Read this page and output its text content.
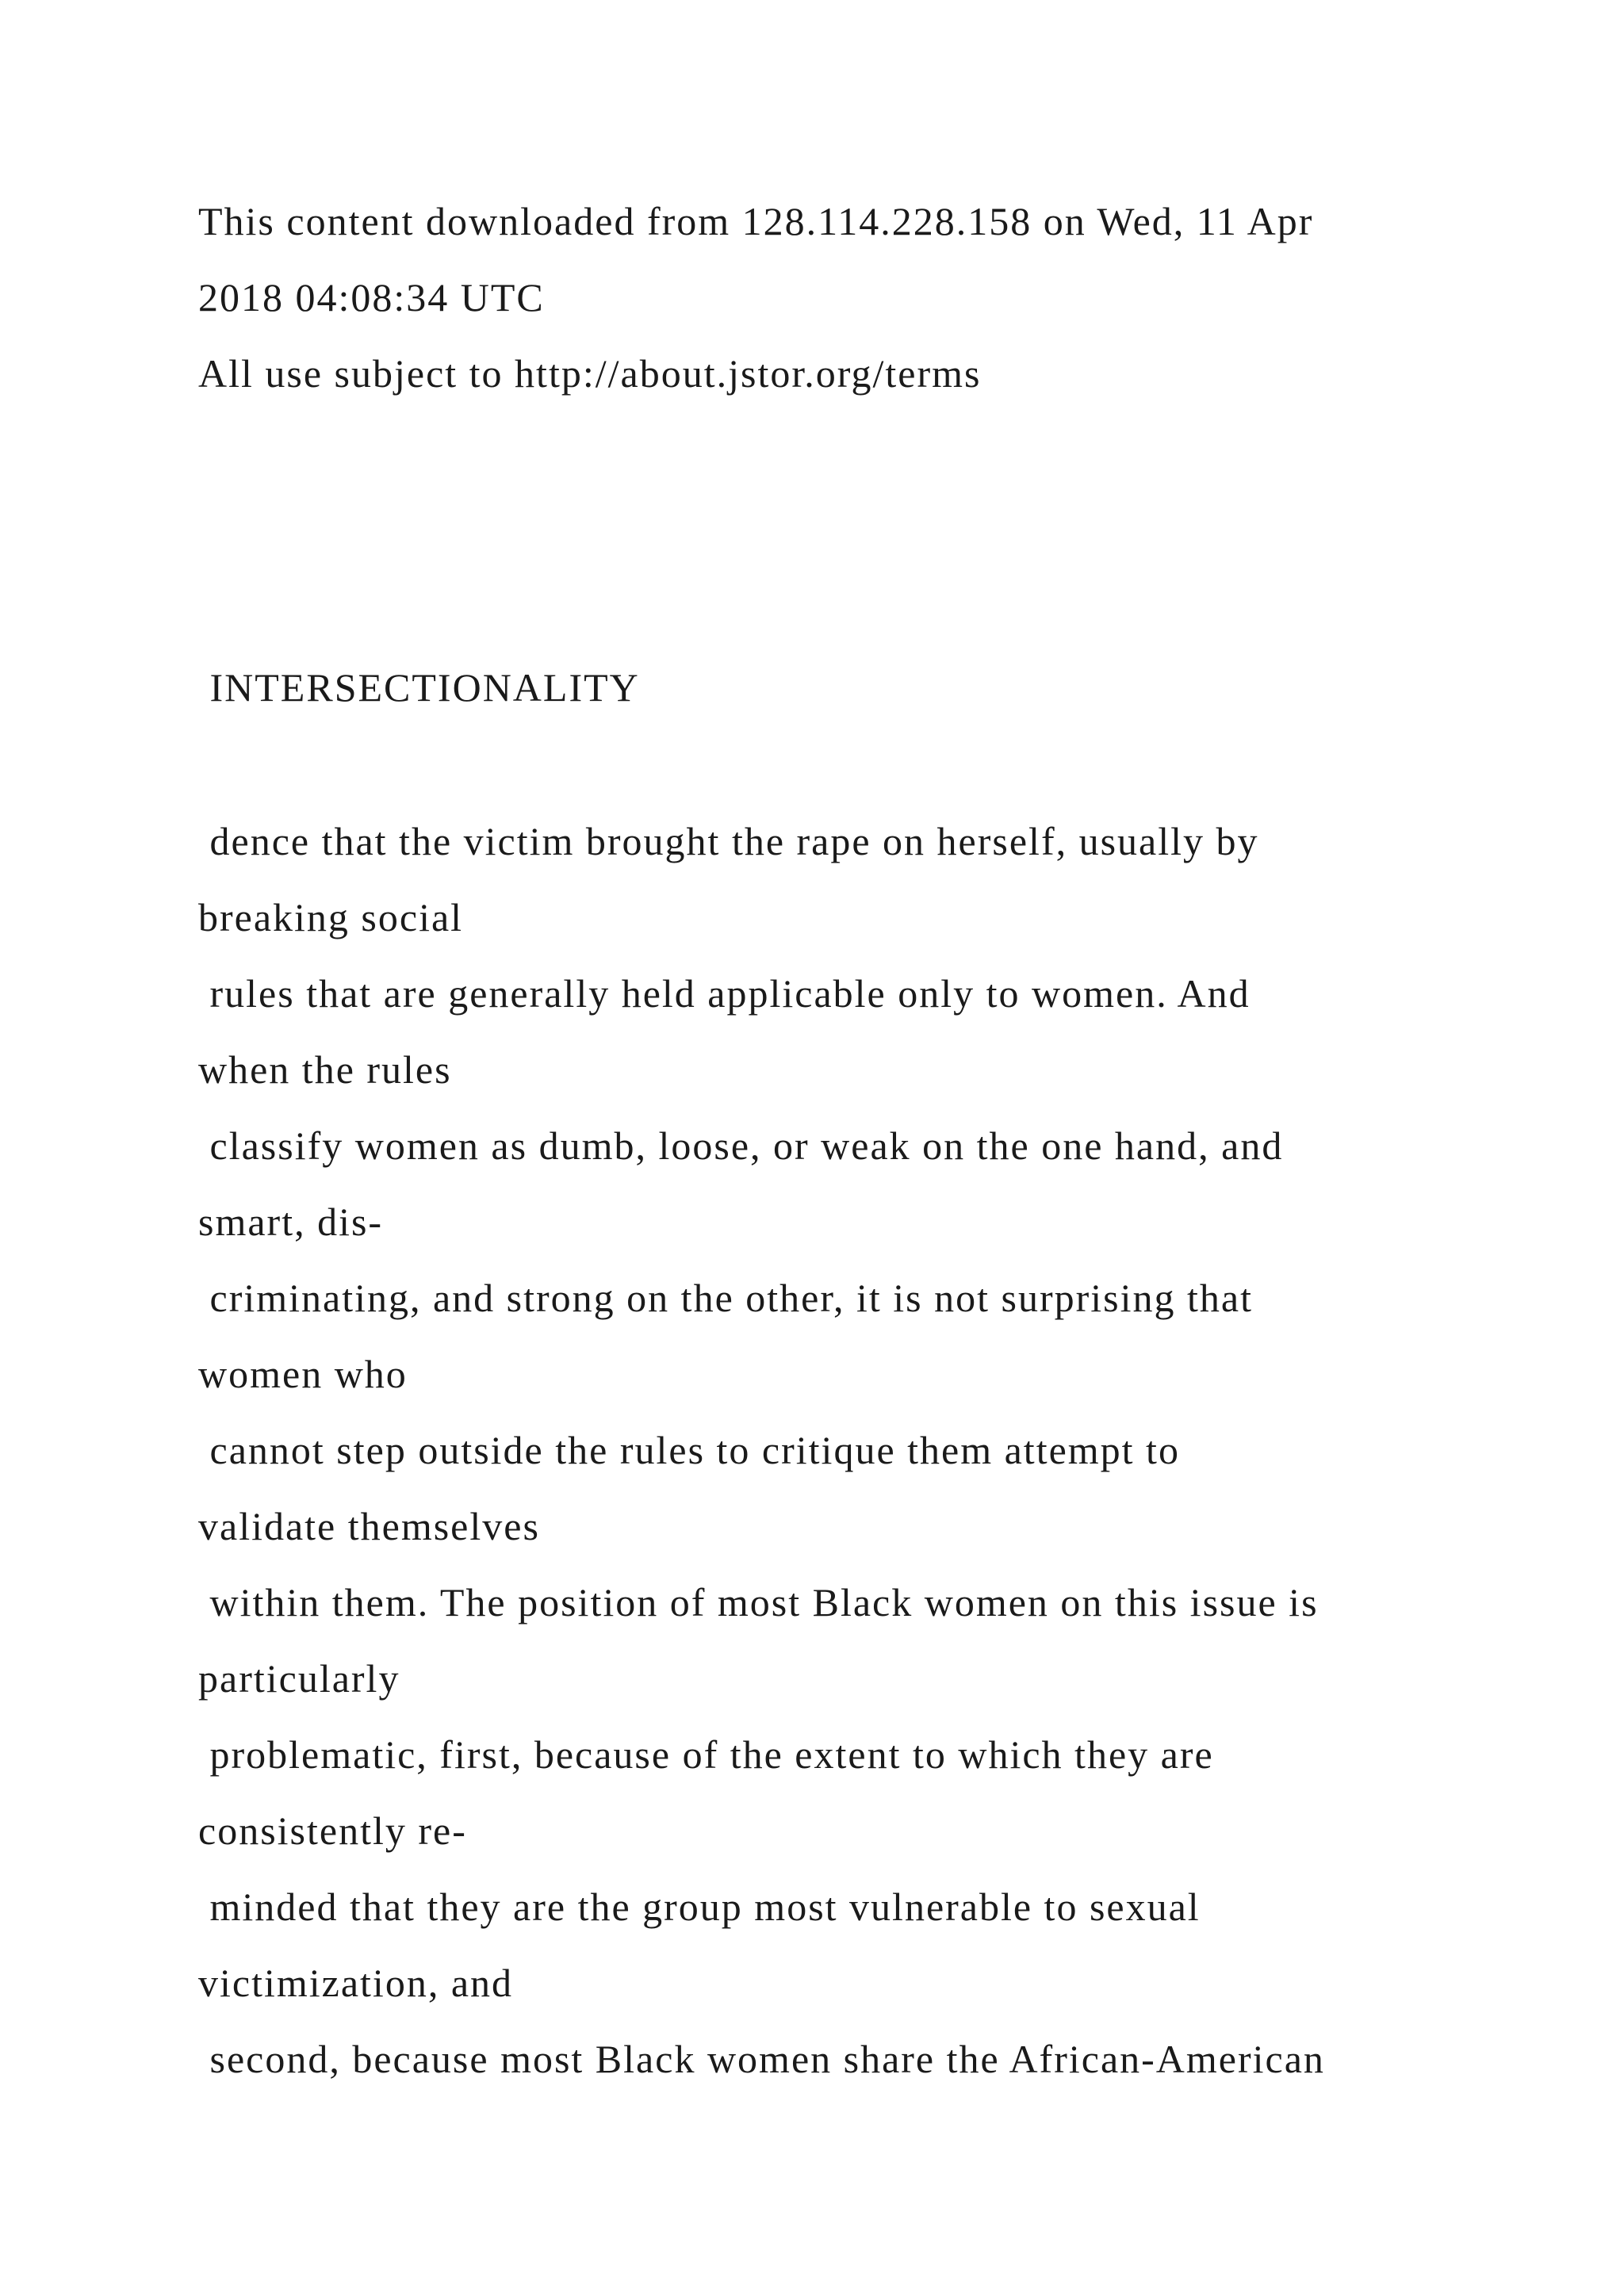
This content downloaded from 128.114.228.158 on Wed, 11 Apr
2018 04:08:34 UTC
All use subject to http://about.jstor.org/terms
INTERSECTIONALITY
dence that the victim brought the rape on herself, usually by
breaking social
rules that are generally held applicable only to women. And
when the rules
classify women as dumb, loose, or weak on the one hand, and
smart, dis-
criminating, and strong on the other, it is not surprising that
women who
cannot step outside the rules to critique them attempt to
validate themselves
within them. The position of most Black women on this issue is
particularly
problematic, first, because of the extent to which they are
consistently re-
minded that they are the group most vulnerable to sexual
victimization, and
second, because most Black women share the African-American
